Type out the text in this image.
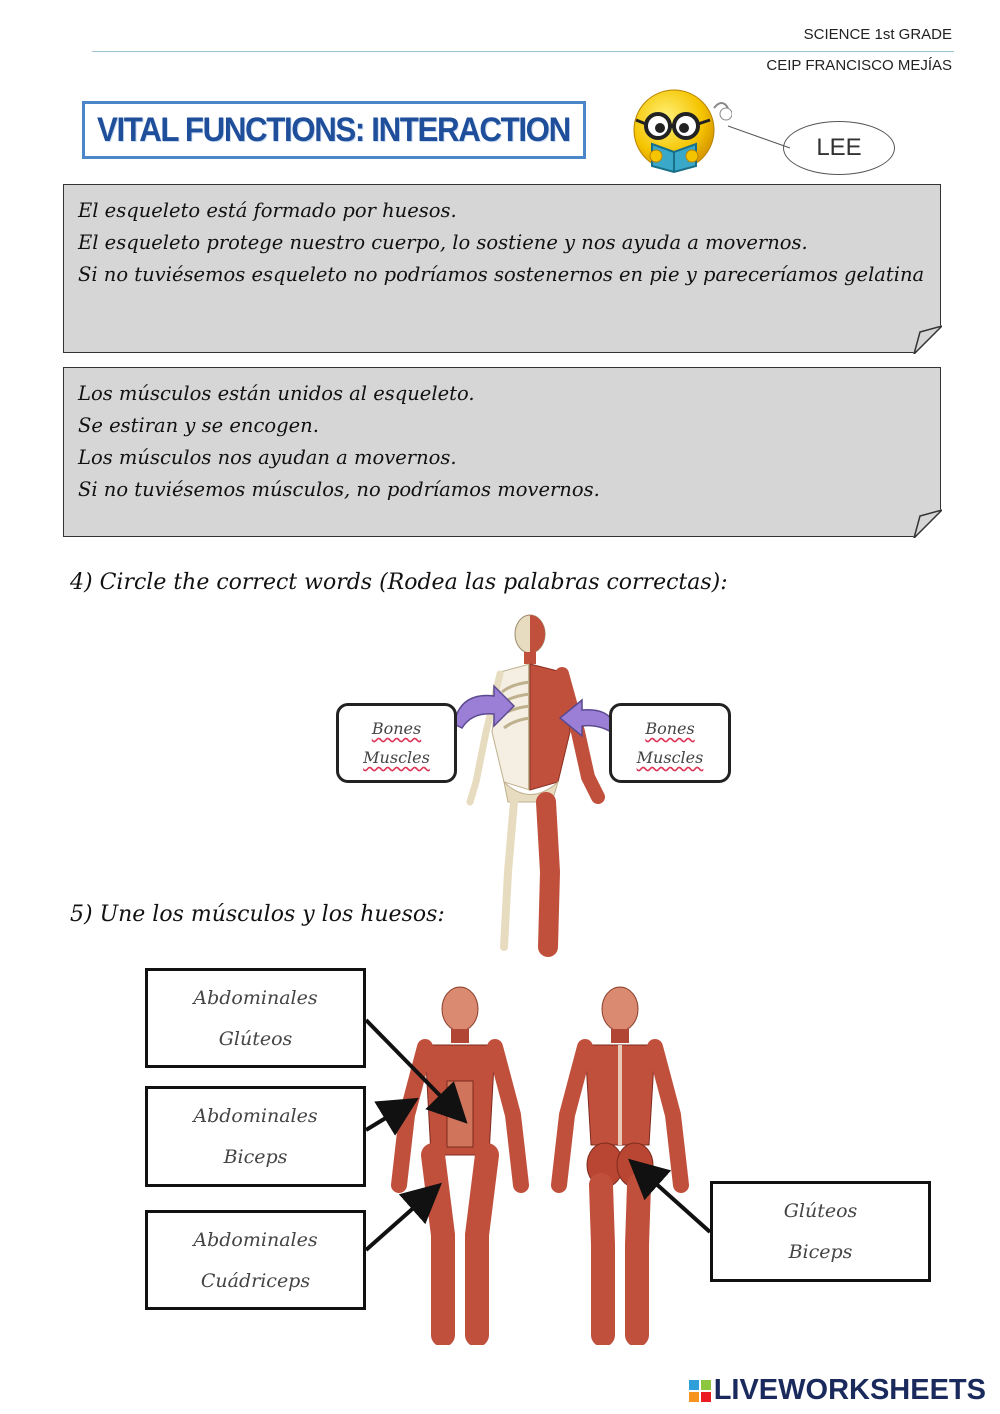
SCIENCE 1st GRADE
CEIP FRANCISCO MEJÍAS
VITAL FUNCTIONS: INTERACTION	LEE

El esqueleto está formado por huesos.

El esqueleto protege nuestro cuerpo, lo sostiene y nos ayuda a movernos.

Si no tuviésemos esqueleto no podríamos sostenernos en pie y pareceríamos gelatina

Los músculos están unidos al esqueleto.

Se estiran y se encogen.

Los músculos nos ayudan a movernos.

Si no tuviésemos músculos, no podríamos movernos.

4) Circle the correct words (Rodea las palabras correctas):
Bones
Muscles
Bones
Muscles
5) Une los músculos y los huesos:
Abdominales
Glúteos
Abdominales
Biceps
Abdominales
Cuádriceps
Glúteos
Biceps
LIVEWORKSHEETS
